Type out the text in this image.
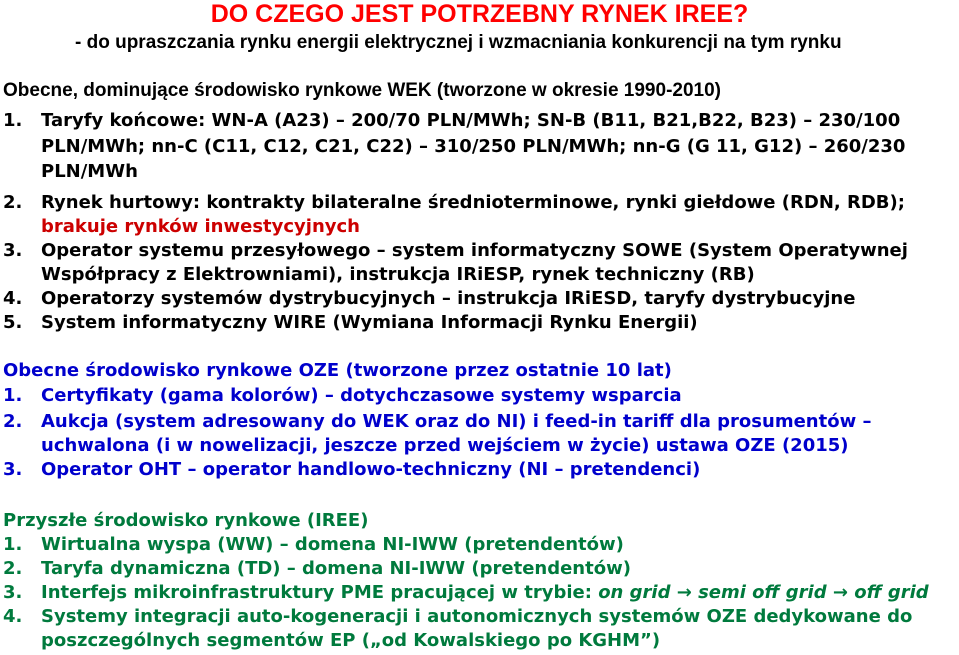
DO CZEGO JEST POTRZEBNY RYNEK IREE?
- do upraszczania rynku energii elektrycznej i wzmacniania konkurencji na tym rynku
Obecne, dominujące środowisko rynkowe WEK (tworzone w okresie 1990-2010)
1. Taryfy końcowe: WN-A (A23) – 200/70 PLN/MWh; SN-B (B11, B21,B22, B23) – 230/100
PLN/MWh; nn-C (C11, C12, C21, C22) – 310/250 PLN/MWh; nn-G (G 11, G12) – 260/230
PLN/MWh
2. Rynek hurtowy: kontrakty bilateralne średnioterminowe, rynki giełdowe (RDN, RDB);
brakuje rynków inwestycyjnych
3. Operator systemu przesyłowego – system informatyczny SOWE (System Operatywnej
Współpracy z Elektrowniami), instrukcja IRiESP, rynek techniczny (RB)
4. Operatorzy systemów dystrybucyjnych – instrukcja IRiESD, taryfy dystrybucyjne
5. System informatyczny WIRE (Wymiana Informacji Rynku Energii)
Obecne środowisko rynkowe OZE (tworzone przez ostatnie 10 lat)
1. Certyfikaty (gama kolorów) – dotychczasowe systemy wsparcia
2. Aukcja (system adresowany do WEK oraz do NI) i feed-in tariff dla prosumentów –
uchwalona (i w nowelizacji, jeszcze przed wejściem w życie) ustawa OZE (2015)
3. Operator OHT – operator handlowo-techniczny (NI – pretendenci)
Przyszłe środowisko rynkowe (IREE)
1. Wirtualna wyspa (WW) – domena NI-IWW (pretendentów)
2. Taryfa dynamiczna (TD) – domena NI-IWW (pretendentów)
3. Interfejs mikroinfrastruktury PME pracującej w trybie: on grid → semi off grid → off grid
4. Systemy integracji auto-kogeneracji i autonomicznych systemów OZE dedykowane do
poszczególnych segmentów EP („od Kowalskiego po KGHM”)
